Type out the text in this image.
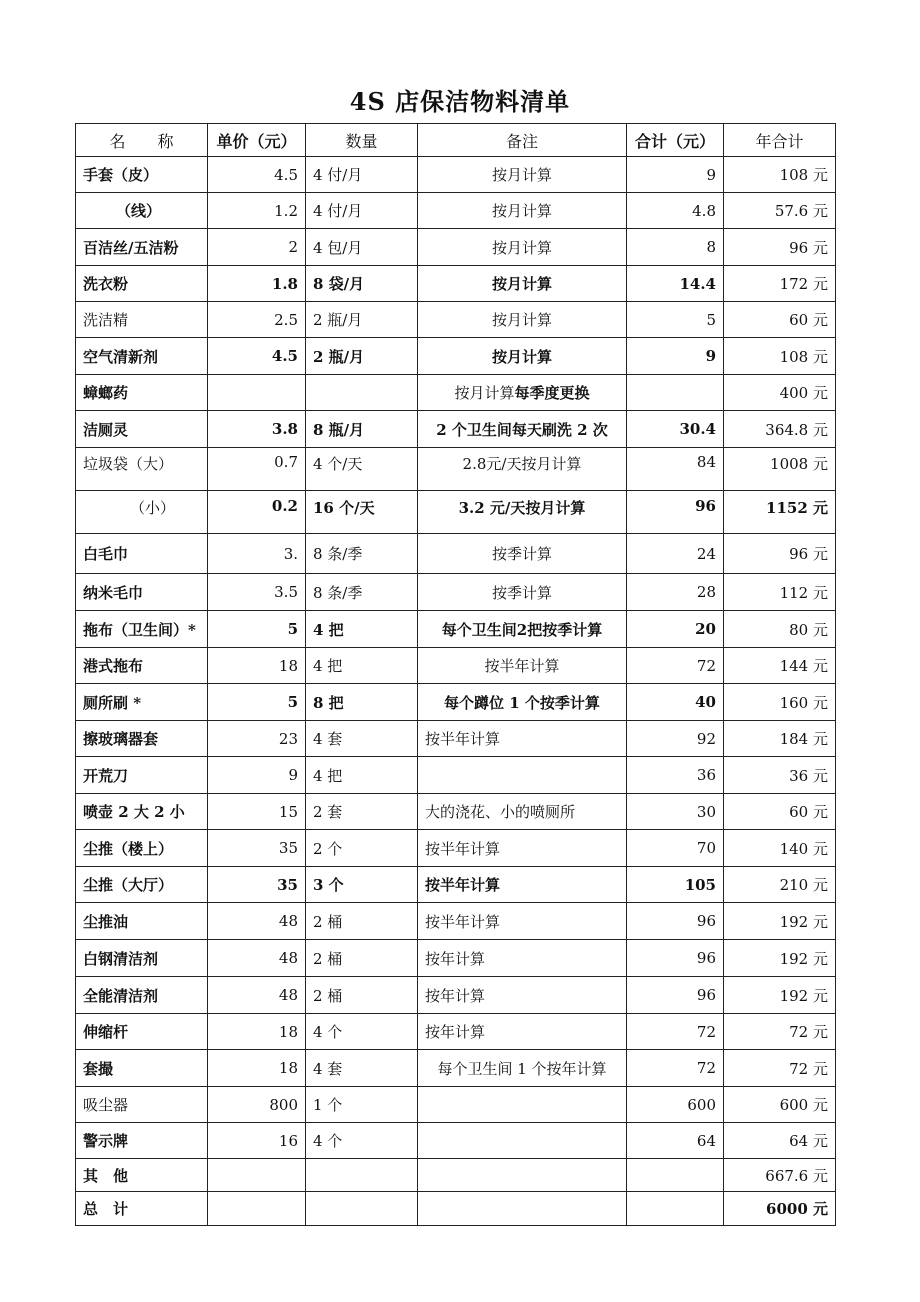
4S 店保洁物料清单
名　　称	单价（元）	数量	备注	合计（元）	年合计
手套（皮）	4.5	4 付/月	按月计算	9	108 元
（线）	1.2	4 付/月	按月计算	4.8	57.6 元
百洁丝/五洁粉	2	4 包/月	按月计算	8	96 元
洗衣粉	1.8	8 袋/月	按月计算	14.4	172 元
洗洁精	2.5	2 瓶/月	按月计算	5	60 元
空气清新剂	4.5	2 瓶/月	按月计算	9	108 元
蟑螂药			按月计算每季度更换		400 元
洁厕灵	3.8	8 瓶/月	2 个卫生间每天刷洗 2 次	30.4	364.8 元
垃圾袋（大）	0.7	4 个/天	2.8元/天按月计算	84	1008 元
（小）	0.2	16 个/天	3.2 元/天按月计算	96	1152 元
白毛巾	3.	8 条/季	按季计算	24	96 元
纳米毛巾	3.5	8 条/季	按季计算	28	112 元
拖布（卫生间）*	5	4 把	每个卫生间2把按季计算	20	80 元
港式拖布	18	4 把	按半年计算	72	144 元
厕所刷 *	5	8 把	每个蹲位 1 个按季计算	40	160 元
擦玻璃器套	23	4 套	按半年计算	92	184 元
开荒刀	9	4 把		36	36 元
喷壶 2 大 2 小	15	2 套	大的浇花、小的喷厕所	30	60 元
尘推（楼上）	35	2 个	按半年计算	70	140 元
尘推（大厅）	35	3 个	按半年计算	105	210 元
尘推油	48	2 桶	按半年计算	96	192 元
白钢清洁剂	48	2 桶	按年计算	96	192 元
全能清洁剂	48	2 桶	按年计算	96	192 元
伸缩杆	18	4 个	按年计算	72	72 元
套撮	18	4 套	每个卫生间 1 个按年计算	72	72 元
吸尘器	800	1 个		600	600 元
警示牌	16	4 个		64	64 元
其　他					667.6 元
总　计					6000 元
